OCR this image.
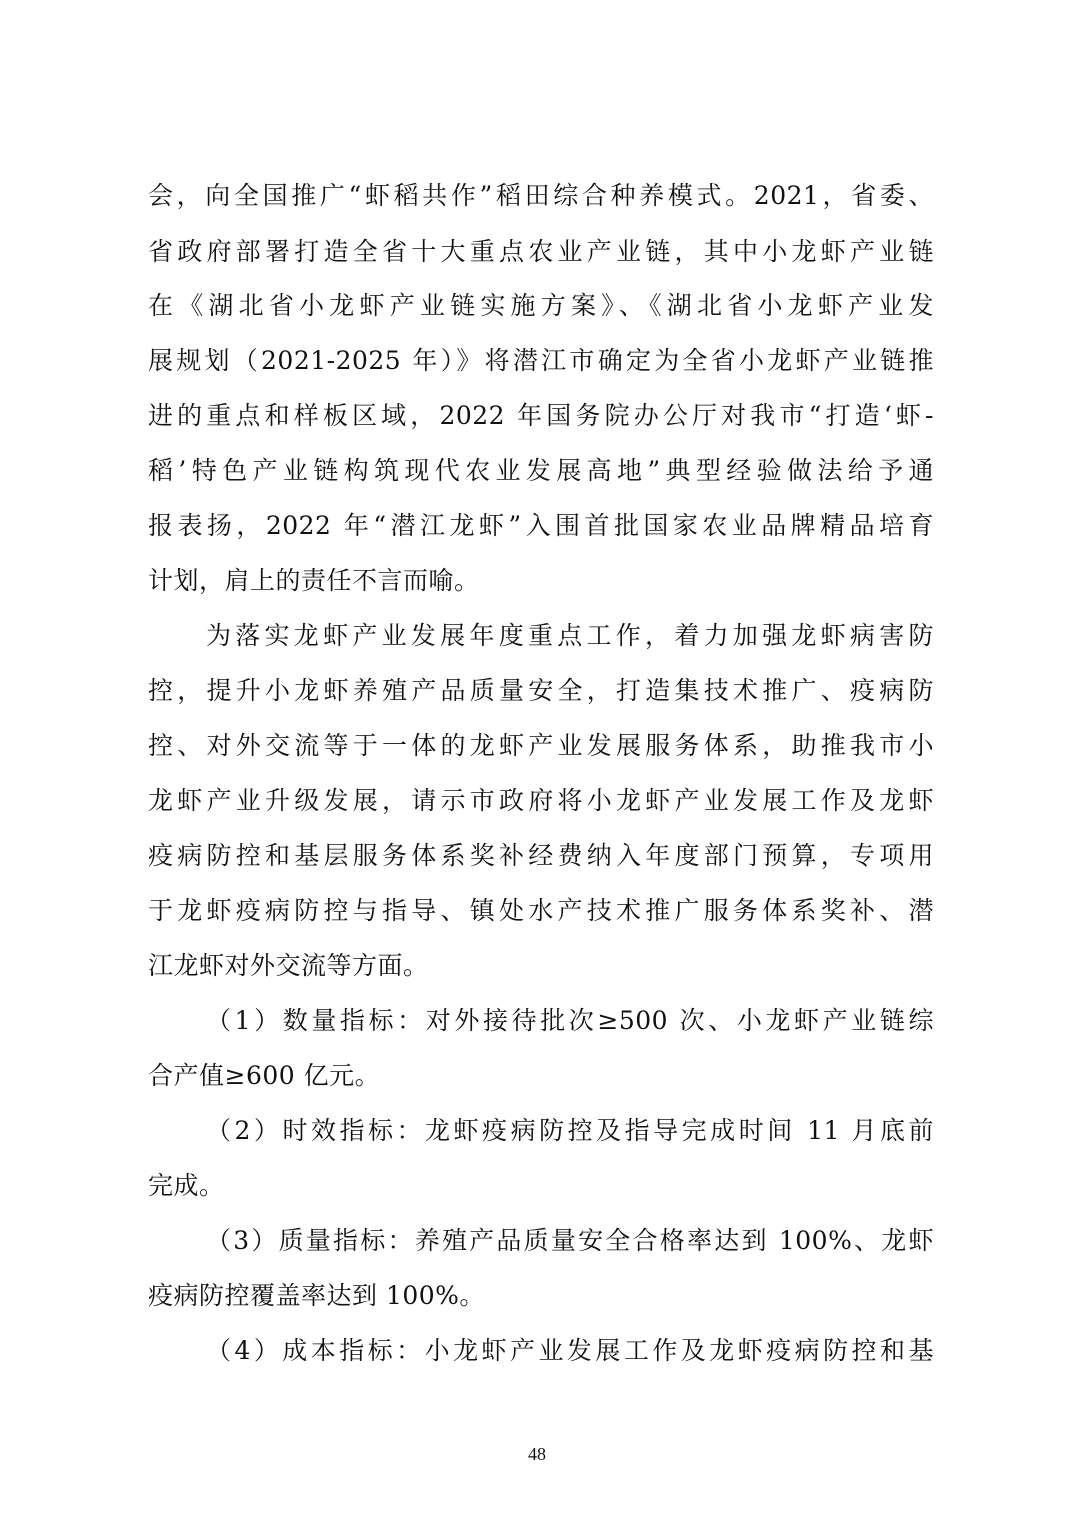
会，向全国推广“虾稻共作”稻田综合种养模式。2021，省委、
省政府部署打造全省十大重点农业产业链，其中小龙虾产业链
在《湖北省小龙虾产业链实施方案》、《湖北省小龙虾产业发
展规划（2021-2025 年）》将潜江市确定为全省小龙虾产业链推
进的重点和样板区域，2022 年国务院办公厅对我市“打造‘虾-
稻’特色产业链构筑现代农业发展高地”典型经验做法给予通
报表扬，2022 年“潜江龙虾”入围首批国家农业品牌精品培育
计划，肩上的责任不言而喻。
为落实龙虾产业发展年度重点工作，着力加强龙虾病害防
控，提升小龙虾养殖产品质量安全，打造集技术推广、疫病防
控、对外交流等于一体的龙虾产业发展服务体系，助推我市小
龙虾产业升级发展，请示市政府将小龙虾产业发展工作及龙虾
疫病防控和基层服务体系奖补经费纳入年度部门预算，专项用
于龙虾疫病防控与指导、镇处水产技术推广服务体系奖补、潜
江龙虾对外交流等方面。
（1）数量指标：对外接待批次≥500 次、小龙虾产业链综
合产值≥600 亿元。
（2）时效指标：龙虾疫病防控及指导完成时间 11 月底前
完成。
（3）质量指标：养殖产品质量安全合格率达到 100%、龙虾
疫病防控覆盖率达到 100%。
（4）成本指标：小龙虾产业发展工作及龙虾疫病防控和基
48
